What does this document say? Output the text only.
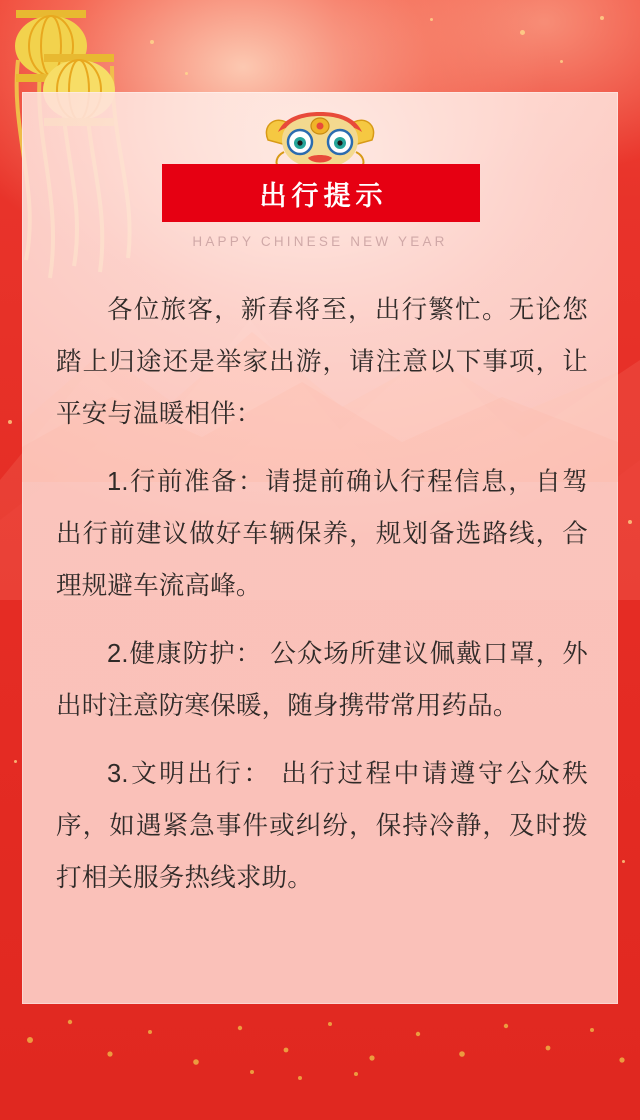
出行提示
HAPPY CHINESE NEW YEAR

各位旅客，新春将至，出行繁忙。无论您踏上归途还是举家出游，请注意以下事项，让平安与温暖相伴：

1.行前准备：请提前确认行程信息，自驾出行前建议做好车辆保养，规划备选路线，合理规避车流高峰。

2.健康防护： 公众场所建议佩戴口罩，外出时注意防寒保暖，随身携带常用药品。

3.文明出行： 出行过程中请遵守公众秩序，如遇紧急事件或纠纷，保持冷静，及时拨打相关服务热线求助。
